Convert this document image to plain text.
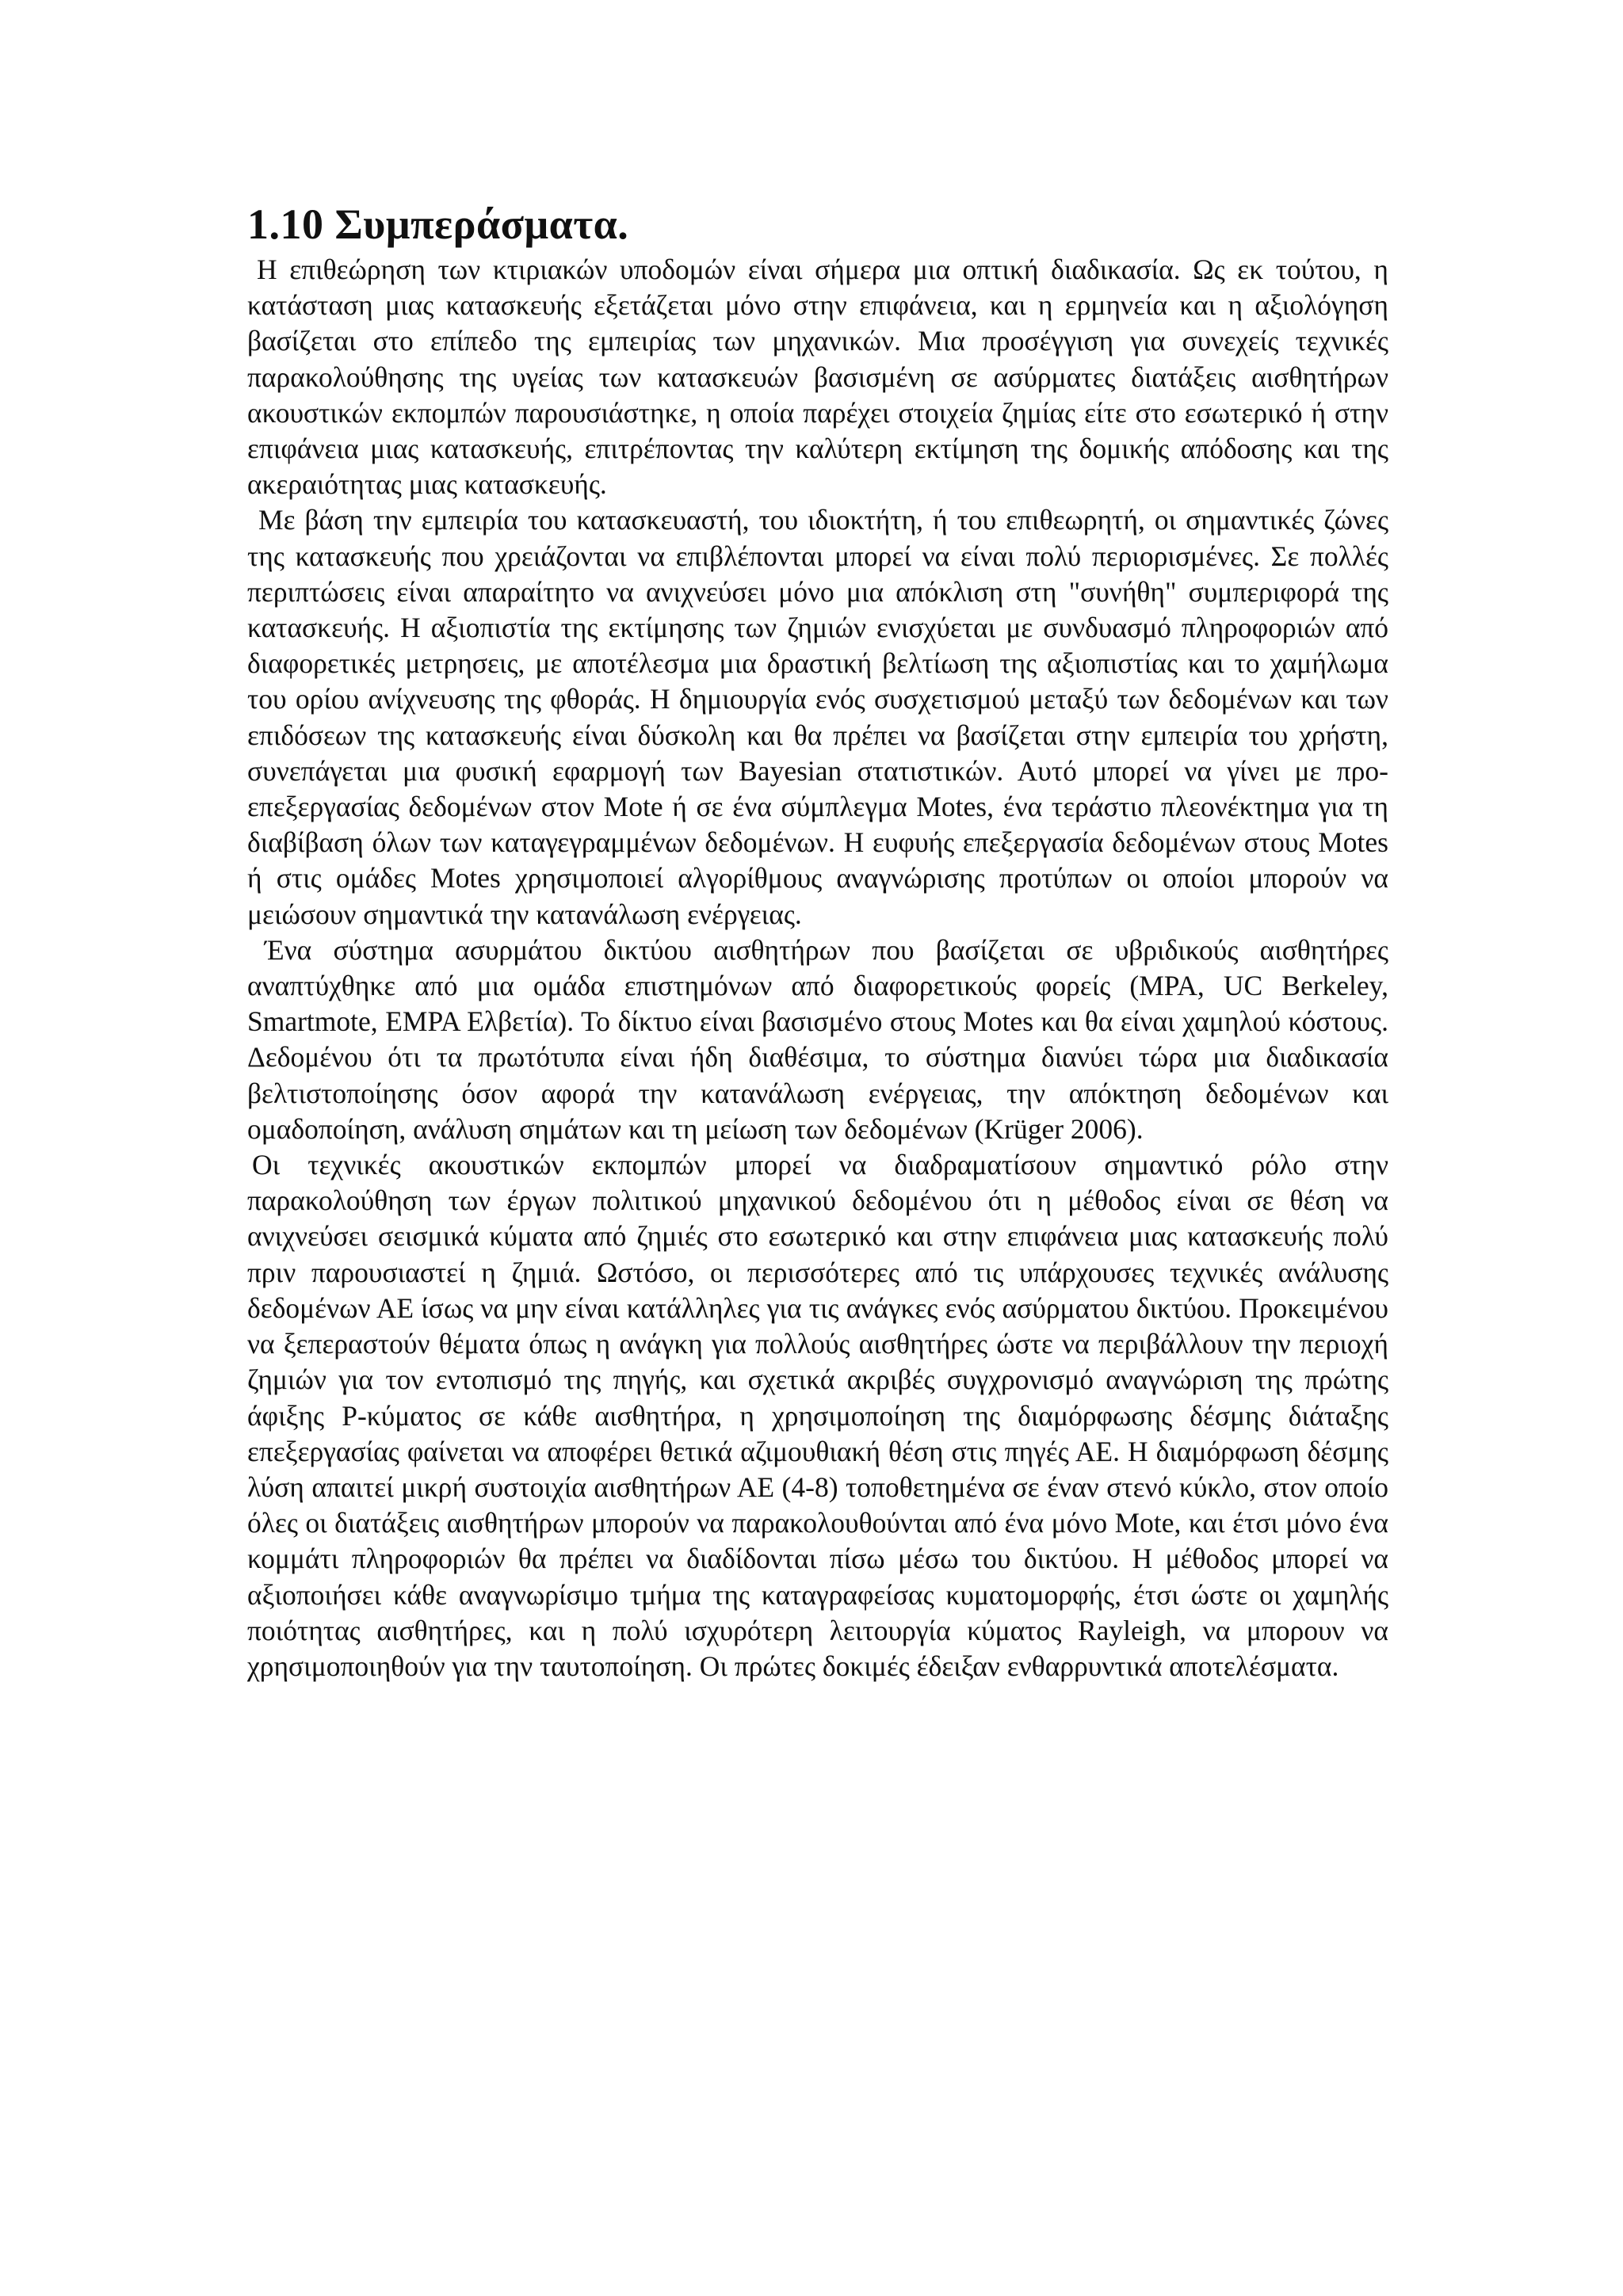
1.10 Συμπεράσματα.

Η επιθεώρηση των κτιριακών υποδομών είναι σήμερα μια οπτική διαδικασία. Ως εκ τούτου, η κατάσταση μιας κατασκευής εξετάζεται μόνο στην επιφάνεια, και η ερμηνεία και η αξιολόγηση βασίζεται στο επίπεδο της εμπειρίας των μηχανικών. Μια προσέγγιση για συνεχείς τεχνικές παρακολούθησης της υγείας των κατασκευών βασισμένη σε ασύρματες διατάξεις αισθητήρων ακουστικών εκπομπών παρουσιάστηκε, η οποία παρέχει στοιχεία ζημίας είτε στο εσωτερικό ή στην επιφάνεια μιας κατασκευής, επιτρέποντας την καλύτερη εκτίμηση της δομικής απόδοσης και της ακεραιότητας μιας κατασκευής.

Με βάση την εμπειρία του κατασκευαστή, του ιδιοκτήτη, ή του επιθεωρητή, οι σημαντικές ζώνες της κατασκευής που χρειάζονται να επιβλέπονται μπορεί να είναι πολύ περιορισμένες. Σε πολλές περιπτώσεις είναι απαραίτητο να ανιχνεύσει μόνο μια απόκλιση στη "συνήθη" συμπεριφορά της κατασκευής. Η αξιοπιστία της εκτίμησης των ζημιών ενισχύεται με συνδυασμό πληροφοριών από διαφορετικές μετρησεις, με αποτέλεσμα μια δραστική βελτίωση της αξιοπιστίας και το χαμήλωμα του ορίου ανίχνευσης της φθοράς. Η δημιουργία ενός συσχετισμού μεταξύ των δεδομένων και των επιδόσεων της κατασκευής είναι δύσκολη και θα πρέπει να βασίζεται στην εμπειρία του χρήστη, συνεπάγεται μια φυσική εφαρμογή των Bayesian στατιστικών. Αυτό μπορεί να γίνει με προ-επεξεργασίας δεδομένων στον Mote ή σε ένα σύμπλεγμα Motes, ένα τεράστιο πλεονέκτημα για τη διαβίβαση όλων των καταγεγραμμένων δεδομένων. Η ευφυής επεξεργασία δεδομένων στους Motes ή στις ομάδες Motes χρησιμοποιεί αλγορίθμους αναγνώρισης προτύπων οι οποίοι μπορούν να μειώσουν σημαντικά την κατανάλωση ενέργειας.

Ένα σύστημα ασυρμάτου δικτύου αισθητήρων που βασίζεται σε υβριδικούς αισθητήρες αναπτύχθηκε από μια ομάδα επιστημόνων από διαφορετικούς φορείς (MPA, UC Berkeley, Smartmote, EMPA Ελβετία). Το δίκτυο είναι βασισμένο στους Motes και θα είναι χαμηλού κόστους. Δεδομένου ότι τα πρωτότυπα είναι ήδη διαθέσιμα, το σύστημα διανύει τώρα μια διαδικασία βελτιστοποίησης όσον αφορά την κατανάλωση ενέργειας, την απόκτηση δεδομένων και ομαδοποίηση, ανάλυση σημάτων και τη μείωση των δεδομένων (Krüger 2006).

Οι τεχνικές ακουστικών εκπομπών μπορεί να διαδραματίσουν σημαντικό ρόλο στην παρακολούθηση των έργων πολιτικού μηχανικού δεδομένου ότι η μέθοδος είναι σε θέση να ανιχνεύσει σεισμικά κύματα από ζημιές στο εσωτερικό και στην επιφάνεια μιας κατασκευής πολύ πριν παρουσιαστεί η ζημιά. Ωστόσο, οι περισσότερες από τις υπάρχουσες τεχνικές ανάλυσης δεδομένων ΑΕ ίσως να μην είναι κατάλληλες για τις ανάγκες ενός ασύρματου δικτύου. Προκειμένου να ξεπεραστούν θέματα όπως η ανάγκη για πολλούς αισθητήρες ώστε να περιβάλλουν την περιοχή ζημιών για τον εντοπισμό της πηγής, και σχετικά ακριβές συγχρονισμό αναγνώριση της πρώτης άφιξης P-κύματος σε κάθε αισθητήρα, η χρησιμοποίηση της διαμόρφωσης δέσμης διάταξης επεξεργασίας φαίνεται να αποφέρει θετικά αζιμουθιακή θέση στις πηγές ΑΕ. Η διαμόρφωση δέσμης λύση απαιτεί μικρή συστοιχία αισθητήρων ΑΕ (4-8) τοποθετημένα σε έναν στενό κύκλο, στον οποίο όλες οι διατάξεις αισθητήρων μπορούν να παρακολουθούνται από ένα μόνο Mote, και έτσι μόνο ένα κομμάτι πληροφοριών θα πρέπει να διαδίδονται πίσω μέσω του δικτύου. Η μέθοδος μπορεί να αξιοποιήσει κάθε αναγνωρίσιμο τμήμα της καταγραφείσας κυματομορφής, έτσι ώστε οι χαμηλής ποιότητας αισθητήρες, και η πολύ ισχυρότερη λειτουργία κύματος Rayleigh, να μπορουν να χρησιμοποιηθούν για την ταυτοποίηση. Οι πρώτες δοκιμές έδειξαν ενθαρρυντικά αποτελέσματα.
